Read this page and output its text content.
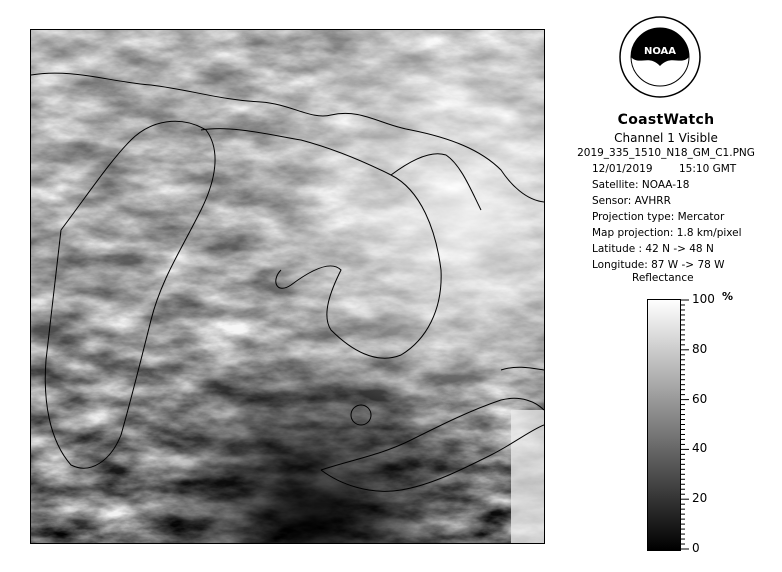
NOAA
CoastWatch
Channel 1 Visible
2019_335_1510_N18_GM_C1.PNG
12/01/2019	15:10 GMT
Satellite: NOAA-18
Sensor: AVHRR
Projection type: Mercator
Map projection: 1.8 km/pixel
Latitude : 42 N -> 48 N
Longitude: 87 W -> 78 W
Reflectance
%
100
80
60
40
20
0
